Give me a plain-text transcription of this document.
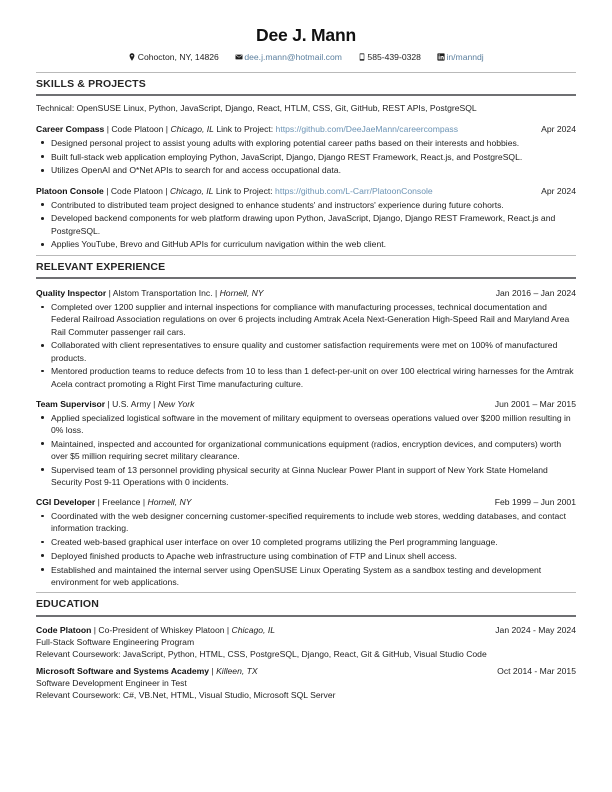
Dee J. Mann
Cohocton, NY, 14826	dee.j.mann@hotmail.com	585-439-0328	in/manndj
SKILLS & PROJECTS
Technical: OpenSUSE Linux, Python, JavaScript, Django, React, HTLM, CSS, Git, GitHub, REST APIs, PostgreSQL
Career Compass | Code Platoon | Chicago, IL Link to Project: https://github.com/DeeJaeMann/careercompass	Apr 2024
Designed personal project to assist young adults with exploring potential career paths based on their interests and hobbies.
Built full-stack web application employing Python, JavaScript, Django, Django REST Framework, React.js, and PostgreSQL.
Utilizes OpenAI and O*Net APIs to search for and access occupational data.
Platoon Console | Code Platoon | Chicago, IL Link to Project: https://github.com/L-Carr/PlatoonConsole	Apr 2024
Contributed to distributed team project designed to enhance students' and instructors' experience during future cohorts.
Developed backend components for web platform drawing upon Python, JavaScript, Django, Django REST Framework, React.js and PostgreSQL.
Applies YouTube, Brevo and GitHub APIs for curriculum navigation within the web client.
RELEVANT EXPERIENCE
Quality Inspector | Alstom Transportation Inc. | Hornell, NY	Jan 2016 – Jan 2024
Completed over 1200 supplier and internal inspections for compliance with manufacturing processes, technical documentation and Federal Railroad Association regulations on over 6 projects including Amtrak Acela Next-Generation High-Speed Rail and Maryland Area Rail Commuter passenger rail cars.
Collaborated with client representatives to ensure quality and customer satisfaction requirements were met on 100% of manufactured products.
Mentored production teams to reduce defects from 10 to less than 1 defect-per-unit on over 100 electrical wiring harnesses for the Amtrak Acela contract promoting a Right First Time manufacturing culture.
Team Supervisor | U.S. Army | New York	Jun 2001 – Mar 2015
Applied specialized logistical software in the movement of military equipment to overseas operations valued over $200 million resulting in 0% loss.
Maintained, inspected and accounted for organizational communications equipment (radios, encryption devices, and computers) worth over $5 million requiring secret military clearance.
Supervised team of 13 personnel providing physical security at Ginna Nuclear Power Plant in support of New York State Homeland Security Post 9-11 Operations with 0 incidents.
CGI Developer | Freelance | Hornell, NY	Feb 1999 – Jun 2001
Coordinated with the web designer concerning customer-specified requirements to include web stores, wedding databases, and contact information tracking.
Created web-based graphical user interface on over 10 completed programs utilizing the Perl programming language.
Deployed finished products to Apache web infrastructure using combination of FTP and Linux shell access.
Established and maintained the internal server using OpenSUSE Linux Operating System as a sandbox testing and development environment for web applications.
EDUCATION
Code Platoon | Co-President of Whiskey Platoon | Chicago, IL	Jan 2024 - May 2024
Full-Stack Software Engineering Program
Relevant Coursework: JavaScript, Python, HTML, CSS, PostgreSQL, Django, React, Git & GitHub, Visual Studio Code
Microsoft Software and Systems Academy | Killeen, TX	Oct 2014 - Mar 2015
Software Development Engineer in Test
Relevant Coursework: C#, VB.Net, HTML, Visual Studio, Microsoft SQL Server
